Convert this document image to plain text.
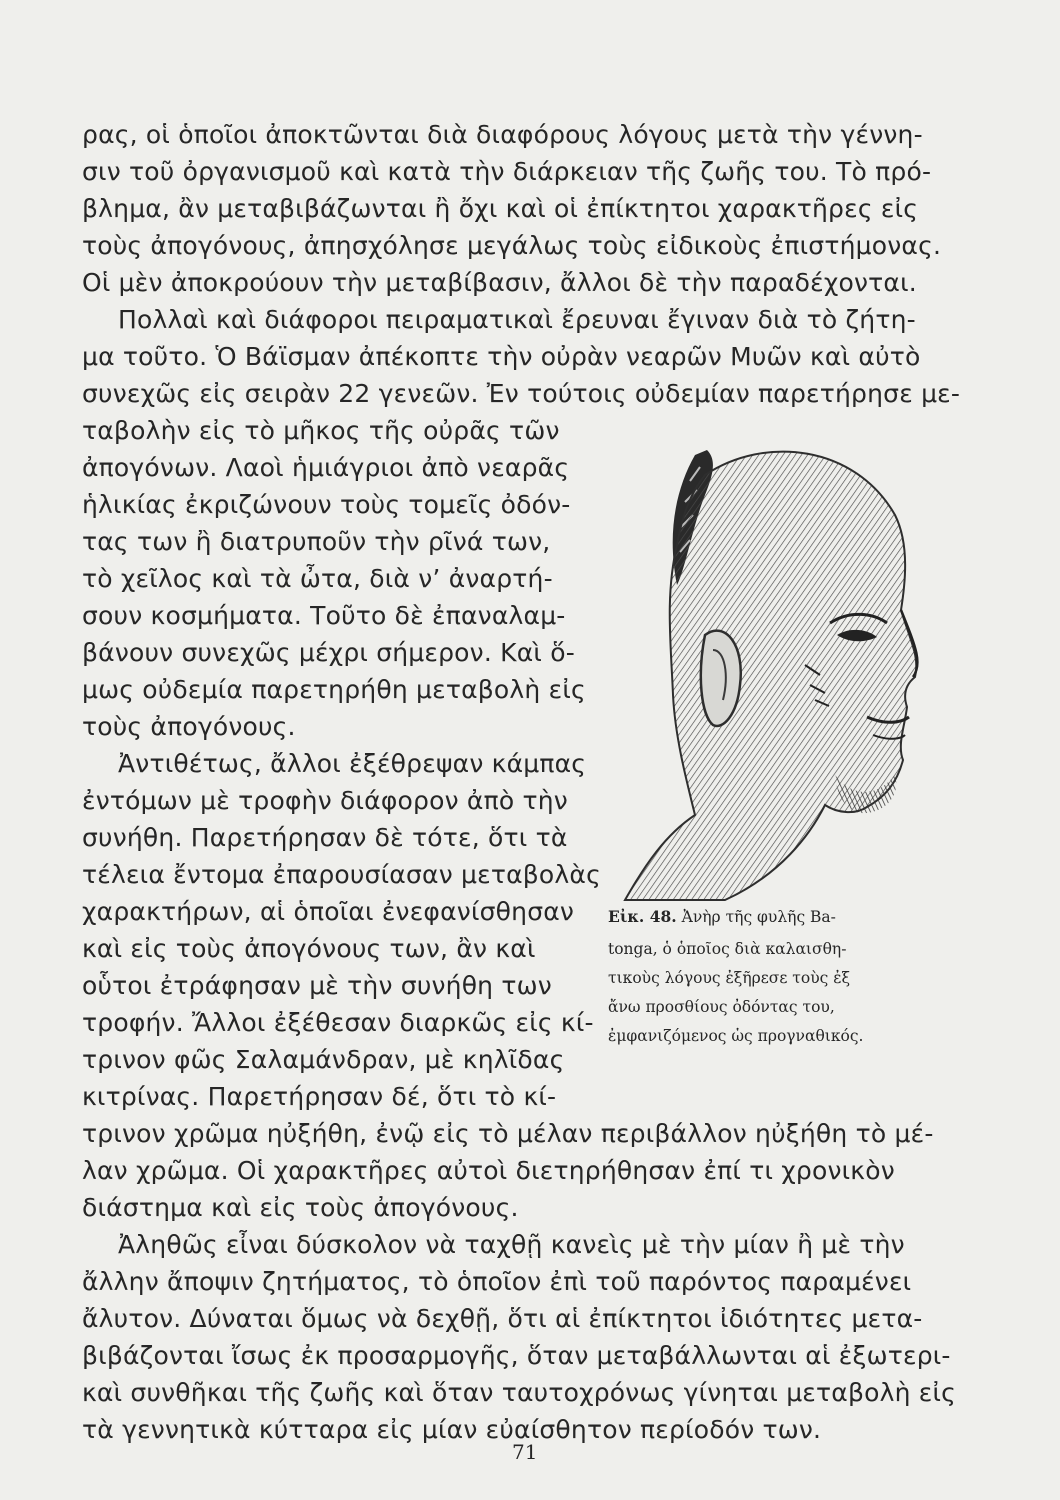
ρας, οἱ ὁποῖοι ἀποκτῶνται διὰ διαφόρους λόγους μετὰ τὴν γέννη-
σιν τοῦ ὀργανισμοῦ καὶ κατὰ τὴν διάρκειαν τῆς ζωῆς του. Τὸ πρό-
βλημα, ἂν μεταβιβάζωνται ἢ ὄχι καὶ οἱ ἐπίκτητοι χαρακτῆρες εἰς
τοὺς ἀπογόνους, ἀπησχόλησε μεγάλως τοὺς εἰδικοὺς ἐπιστήμονας.
Οἱ μὲν ἀποκρούουν τὴν μεταβίβασιν, ἄλλοι δὲ τὴν παραδέχονται.
Πολλαὶ καὶ διάφοροι πειραματικαὶ ἔρευναι ἔγιναν διὰ τὸ ζήτη-
μα τοῦτο. Ὁ Βάϊσμαν ἀπέκοπτε τὴν οὐρὰν νεαρῶν Μυῶν καὶ αὐτὸ
συνεχῶς εἰς σειρὰν 22 γενεῶν. Ἐν τούτοις οὐδεμίαν παρετήρησε με-
ταβολὴν εἰς τὸ μῆκος τῆς οὐρᾶς τῶν
ἀπογόνων. Λαοὶ ἡμιάγριοι ἀπὸ νεαρᾶς
ἡλικίας ἐκριζώνουν τοὺς τομεῖς ὀδόν-
τας των ἢ διατρυποῦν τὴν ρῖνά των,
τὸ χεῖλος καὶ τὰ ὦτα, διὰ ν’ ἀναρτή-
σουν κοσμήματα. Τοῦτο δὲ ἐπαναλαμ-
βάνουν συνεχῶς μέχρι σήμερον. Καὶ ὅ-
μως οὐδεμία παρετηρήθη μεταβολὴ εἰς
τοὺς ἀπογόνους.
Ἀντιθέτως, ἄλλοι ἐξέθρεψαν κάμπας
ἐντόμων μὲ τροφὴν διάφορον ἀπὸ τὴν
συνήθη. Παρετήρησαν δὲ τότε, ὅτι τὰ
τέλεια ἔντομα ἐπαρουσίασαν μεταβολὰς
χαρακτήρων, αἱ ὁποῖαι ἐνεφανίσθησαν
καὶ εἰς τοὺς ἀπογόνους των, ἂν καὶ
οὗτοι ἐτράφησαν μὲ τὴν συνήθη των
τροφήν. Ἄλλοι ἐξέθεσαν διαρκῶς εἰς κί-
τρινον φῶς Σαλαμάνδραν, μὲ κηλῖδας
κιτρίνας. Παρετήρησαν δέ, ὅτι τὸ κί-
τρινον χρῶμα ηὐξήθη, ἐνῷ εἰς τὸ μέλαν περιβάλλον ηὐξήθη τὸ μέ-
λαν χρῶμα. Οἱ χαρακτῆρες αὐτοὶ διετηρήθησαν ἐπί τι χρονικὸν
διάστημα καὶ εἰς τοὺς ἀπογόνους.
Ἀληθῶς εἶναι δύσκολον νὰ ταχθῇ κανεὶς μὲ τὴν μίαν ἢ μὲ τὴν
ἄλλην ἄποψιν ζητήματος, τὸ ὁποῖον ἐπὶ τοῦ παρόντος παραμένει
ἄλυτον. Δύναται ὅμως νὰ δεχθῇ, ὅτι αἱ ἐπίκτητοι ἰδιότητες μετα-
βιβάζονται ἴσως ἐκ προσαρμογῆς, ὅταν μεταβάλλωνται αἱ ἐξωτερι-
καὶ συνθῆκαι τῆς ζωῆς καὶ ὅταν ταυτοχρόνως γίνηται μεταβολὴ εἰς
τὰ γεννητικὰ κύτταρα εἰς μίαν εὐαίσθητον περίοδόν των.
Εἰκ. 48. Ἀνὴρ τῆς φυλῆς Ba-
tonga, ὁ ὁποῖος διὰ καλαισθη-
τικοὺς λόγους ἐξῆρεσε τοὺς ἐξ
ἄνω προσθίους ὀδόντας του,
ἐμφανιζόμενος ὡς προγναθικός.
71
